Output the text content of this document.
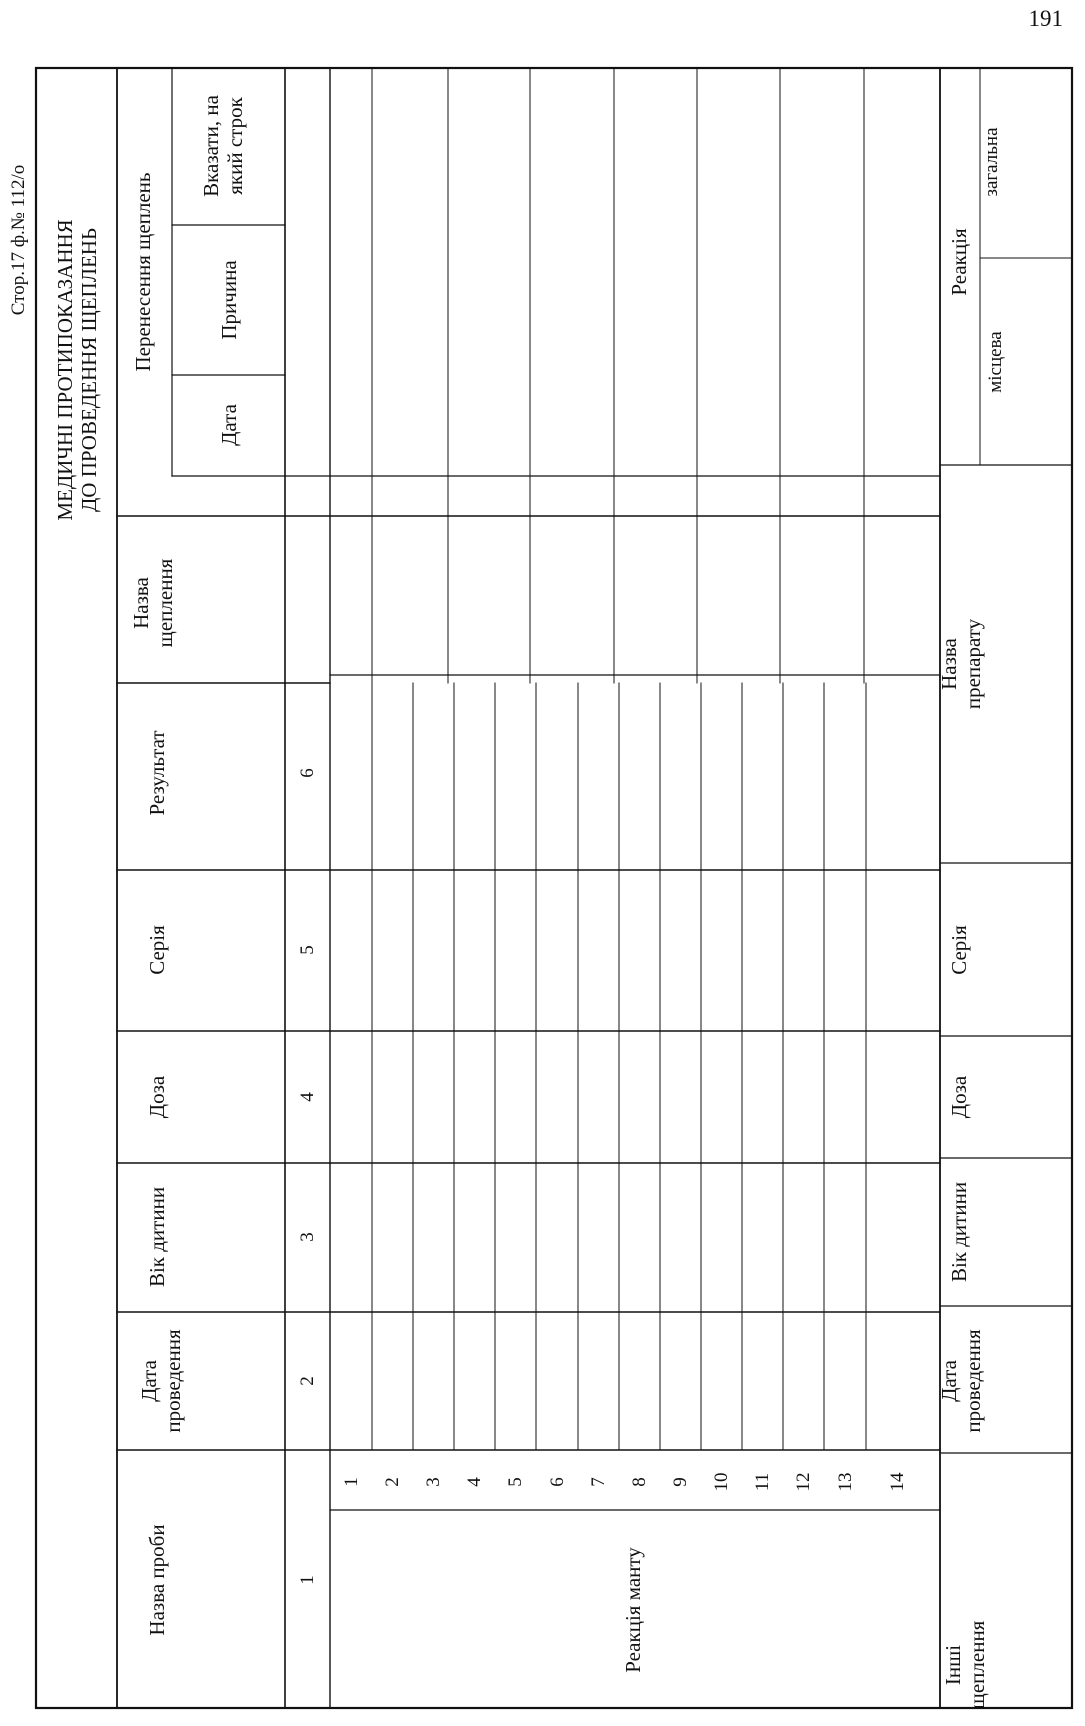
191
Стор.17 ф.№ 112/о МЕДИЧНІ ПРОТИПОКАЗАННЯ ДО ПРОВЕДЕННЯ ЩЕПЛЕНЬ
Назва щеплення
Перенесення щеплень
Дата
Причина
Вказати, на який строк
Результат
Серія
Доза
Вік дитини
Дата проведення
Назва проби
6
5
4
3
2
1
1 2 3 4 5 6 7 8 9 10 11 12 13 14
Реакція манту	Інші щеплення
Дата проведення
Вік дитини
Доза
Серія
Назва препарату
Реакція
місцева
загальна
